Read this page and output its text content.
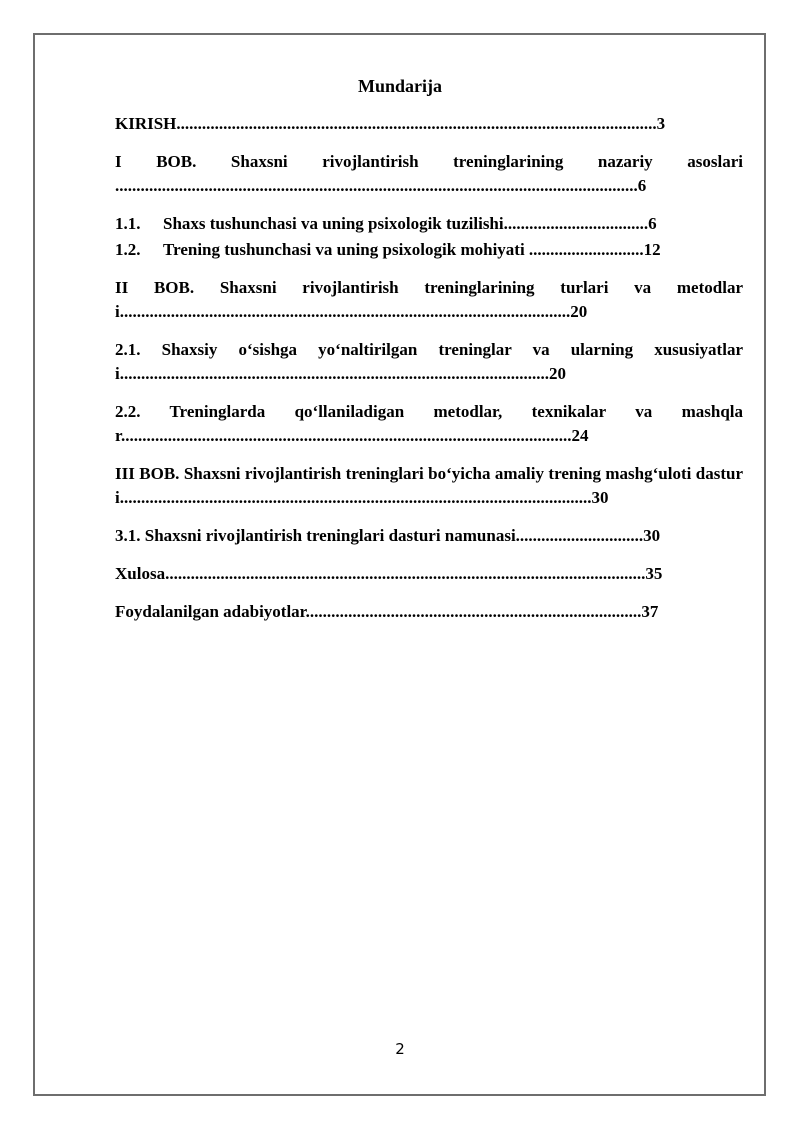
Mundarija
KIRISH.................................................................................................................3
I BOB. Shaxsni rivojlantirish treninglarining nazariy asoslari ...........................................................................................................................6
1.1. Shaxs tushunchasi va uning psixologik tuzilishi..................................6
1.2. Trening tushunchasi va uning psixologik mohiyati ...........................12
II BOB. Shaxsni rivojlantirish treninglarining turlari va metodlari..........................................................................................................20
2.1. Shaxsiy o‘sishga yo‘naltirilgan treninglar va ularning xususiyatlari.....................................................................................................20
2.2. Treninglarda qo‘llaniladigan metodlar, texnikalar va mashqlar..........................................................................................................24
III BOB. Shaxsni rivojlantirish treninglari bo‘yicha amaliy trening mashg‘uloti dasturi...............................................................................................................30
3.1. Shaxsni rivojlantirish treninglari dasturi namunasi..............................30
Xulosa.................................................................................................................35
Foydalanilgan adabiyotlar...............................................................................37
2
